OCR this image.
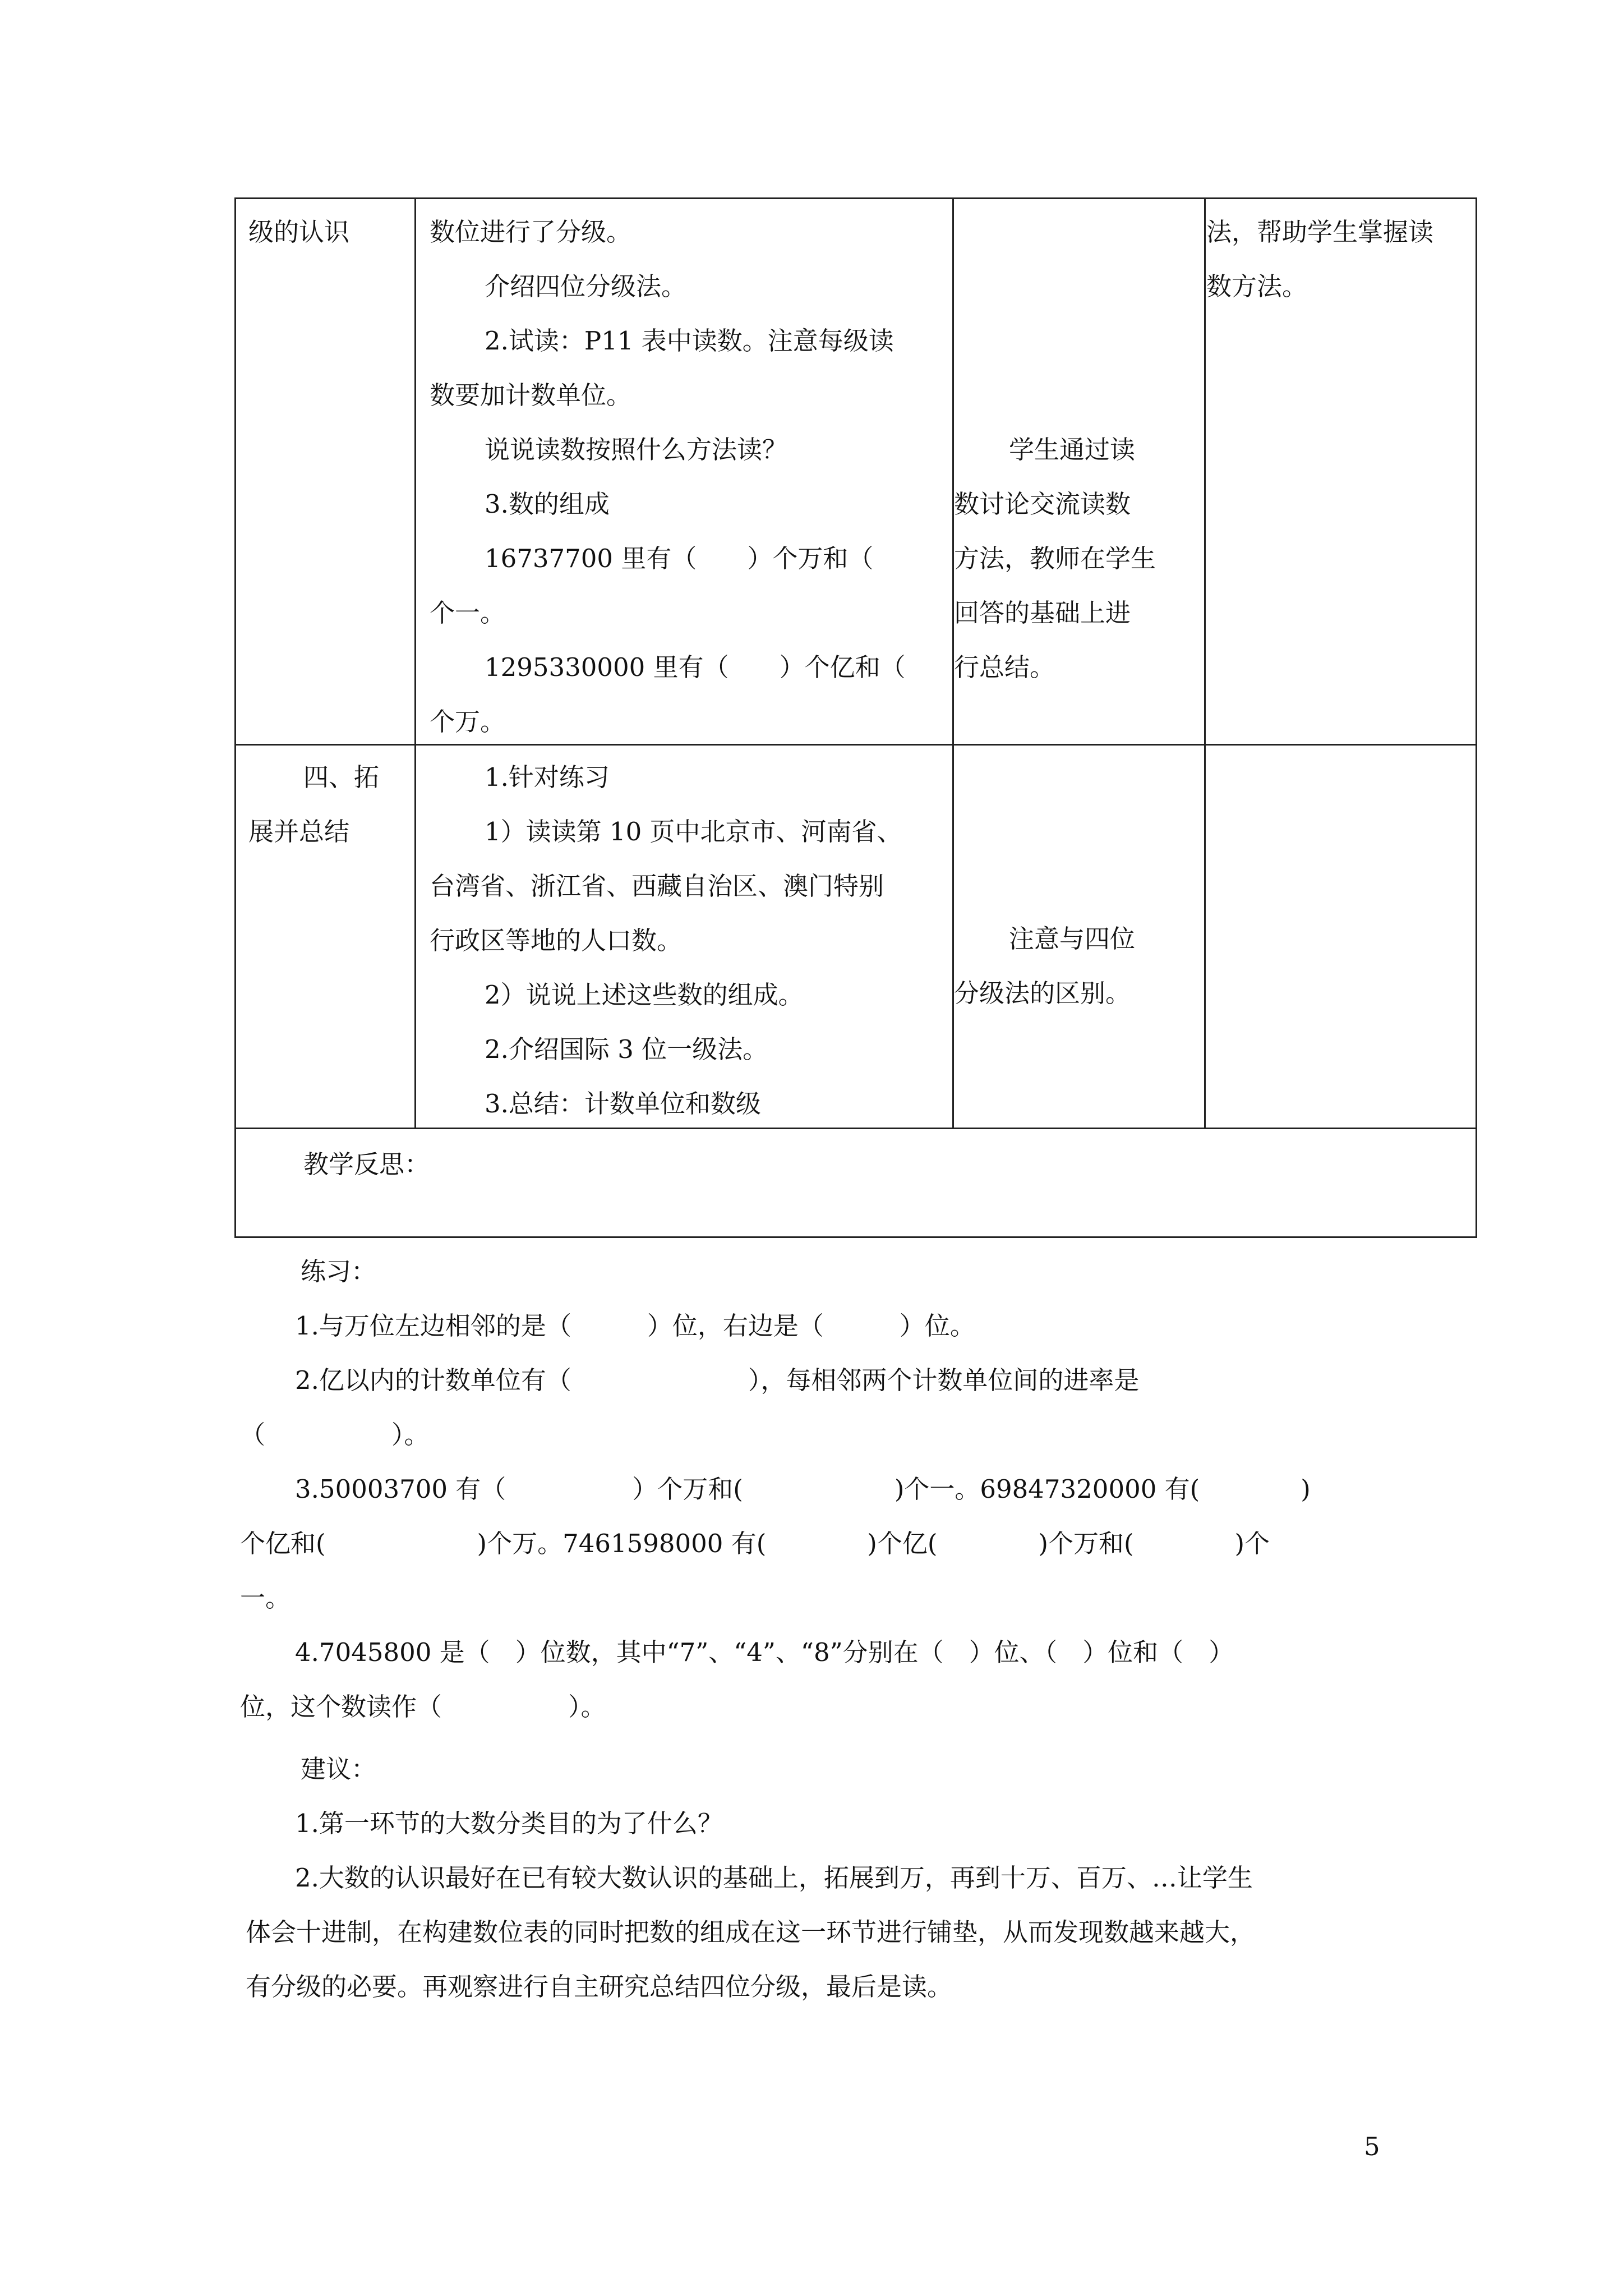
级的认识	数位进行了分级。

介绍四位分级法。

2.试读：P11 表中读数。注意每级读

数要加计数单位。

说说读数按照什么方法读？

3.数的组成

16737700 里有（　　）个万和（

个一。

1295330000 里有（　　）个亿和（

个万。

学生通过读

数讨论交流读数

方法，教师在学生

回答的基础上进

行总结。

法，帮助学生掌握读

数方法。

四、拓

展并总结

1.针对练习

1）读读第 10 页中北京市、河南省、

台湾省、浙江省、西藏自治区、澳门特别

行政区等地的人口数。

2）说说上述这些数的组成。

2.介绍国际 3 位一级法。

3.总结：计数单位和数级

注意与四位

分级法的区别。

教学反思：

练习：

1.与万位左边相邻的是（　　　）位，右边是（　　　）位。

2.亿以内的计数单位有（　　　　　　　），每相邻两个计数单位间的进率是

（　　　　　）。

3.50003700 有（　　　　　）个万和(　　　　　　)个一。69847320000 有(　　　　)

个亿和(　　　　　　)个万。7461598000 有(　　　　)个亿(　　　　)个万和(　　　　)个

一。

4.7045800 是（　）位数，其中“7”、“4”、“8”分别在（　）位、（　）位和（　）

位，这个数读作（　　　　　）。

建议：

1.第一环节的大数分类目的为了什么？

2.大数的认识最好在已有较大数认识的基础上，拓展到万，再到十万、百万、…让学生

体会十进制，在构建数位表的同时把数的组成在这一环节进行铺垫，从而发现数越来越大，

有分级的必要。再观察进行自主研究总结四位分级，最后是读。

5
